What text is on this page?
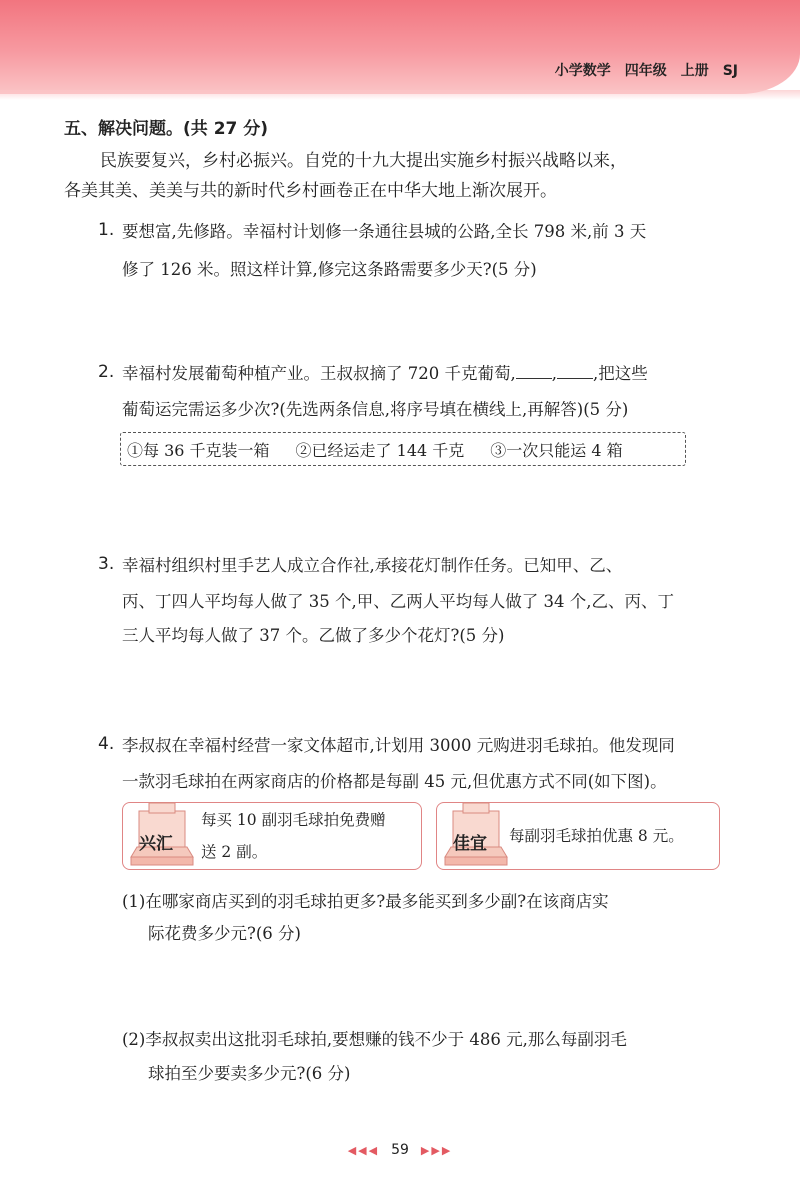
小学数学　四年级　上册　SJ
五、解决问题。(共 27 分)
民族要复兴，乡村必振兴。自党的十九大提出实施乡村振兴战略以来，
各美其美、美美与共的新时代乡村画卷正在中华大地上渐次展开。
1. 要想富,先修路。幸福村计划修一条通往县城的公路,全长 798 米,前 3 天
修了 126 米。照这样计算,修完这条路需要多少天?(5 分)
2. 幸福村发展葡萄种植产业。王叔叔摘了 720 千克葡萄, , ,把这些
葡萄运完需运多少次?(先选两条信息,将序号填在横线上,再解答)(5 分)
①每 36 千克装一箱 ②已经运走了 144 千克 ③一次只能运 4 箱
3. 幸福村组织村里手艺人成立合作社,承接花灯制作任务。已知甲、乙、
丙、丁四人平均每人做了 35 个,甲、乙两人平均每人做了 34 个,乙、丙、丁
三人平均每人做了 37 个。乙做了多少个花灯?(5 分)
4. 李叔叔在幸福村经营一家文体超市,计划用 3000 元购进羽毛球拍。他发现同
一款羽毛球拍在两家商店的价格都是每副 45 元,但优惠方式不同(如下图)。
兴汇
每买 10 副羽毛球拍免费赠
送 2 副。	佳宜 每副羽毛球拍优惠 8 元。
(1)在哪家商店买到的羽毛球拍更多?最多能买到多少副?在该商店实
际花费多少元?(6 分)
(2)李叔叔卖出这批羽毛球拍,要想赚的钱不少于 486 元,那么每副羽毛
球拍至少要卖多少元?(6 分)
◀◀◀ 59 ▶▶▶
